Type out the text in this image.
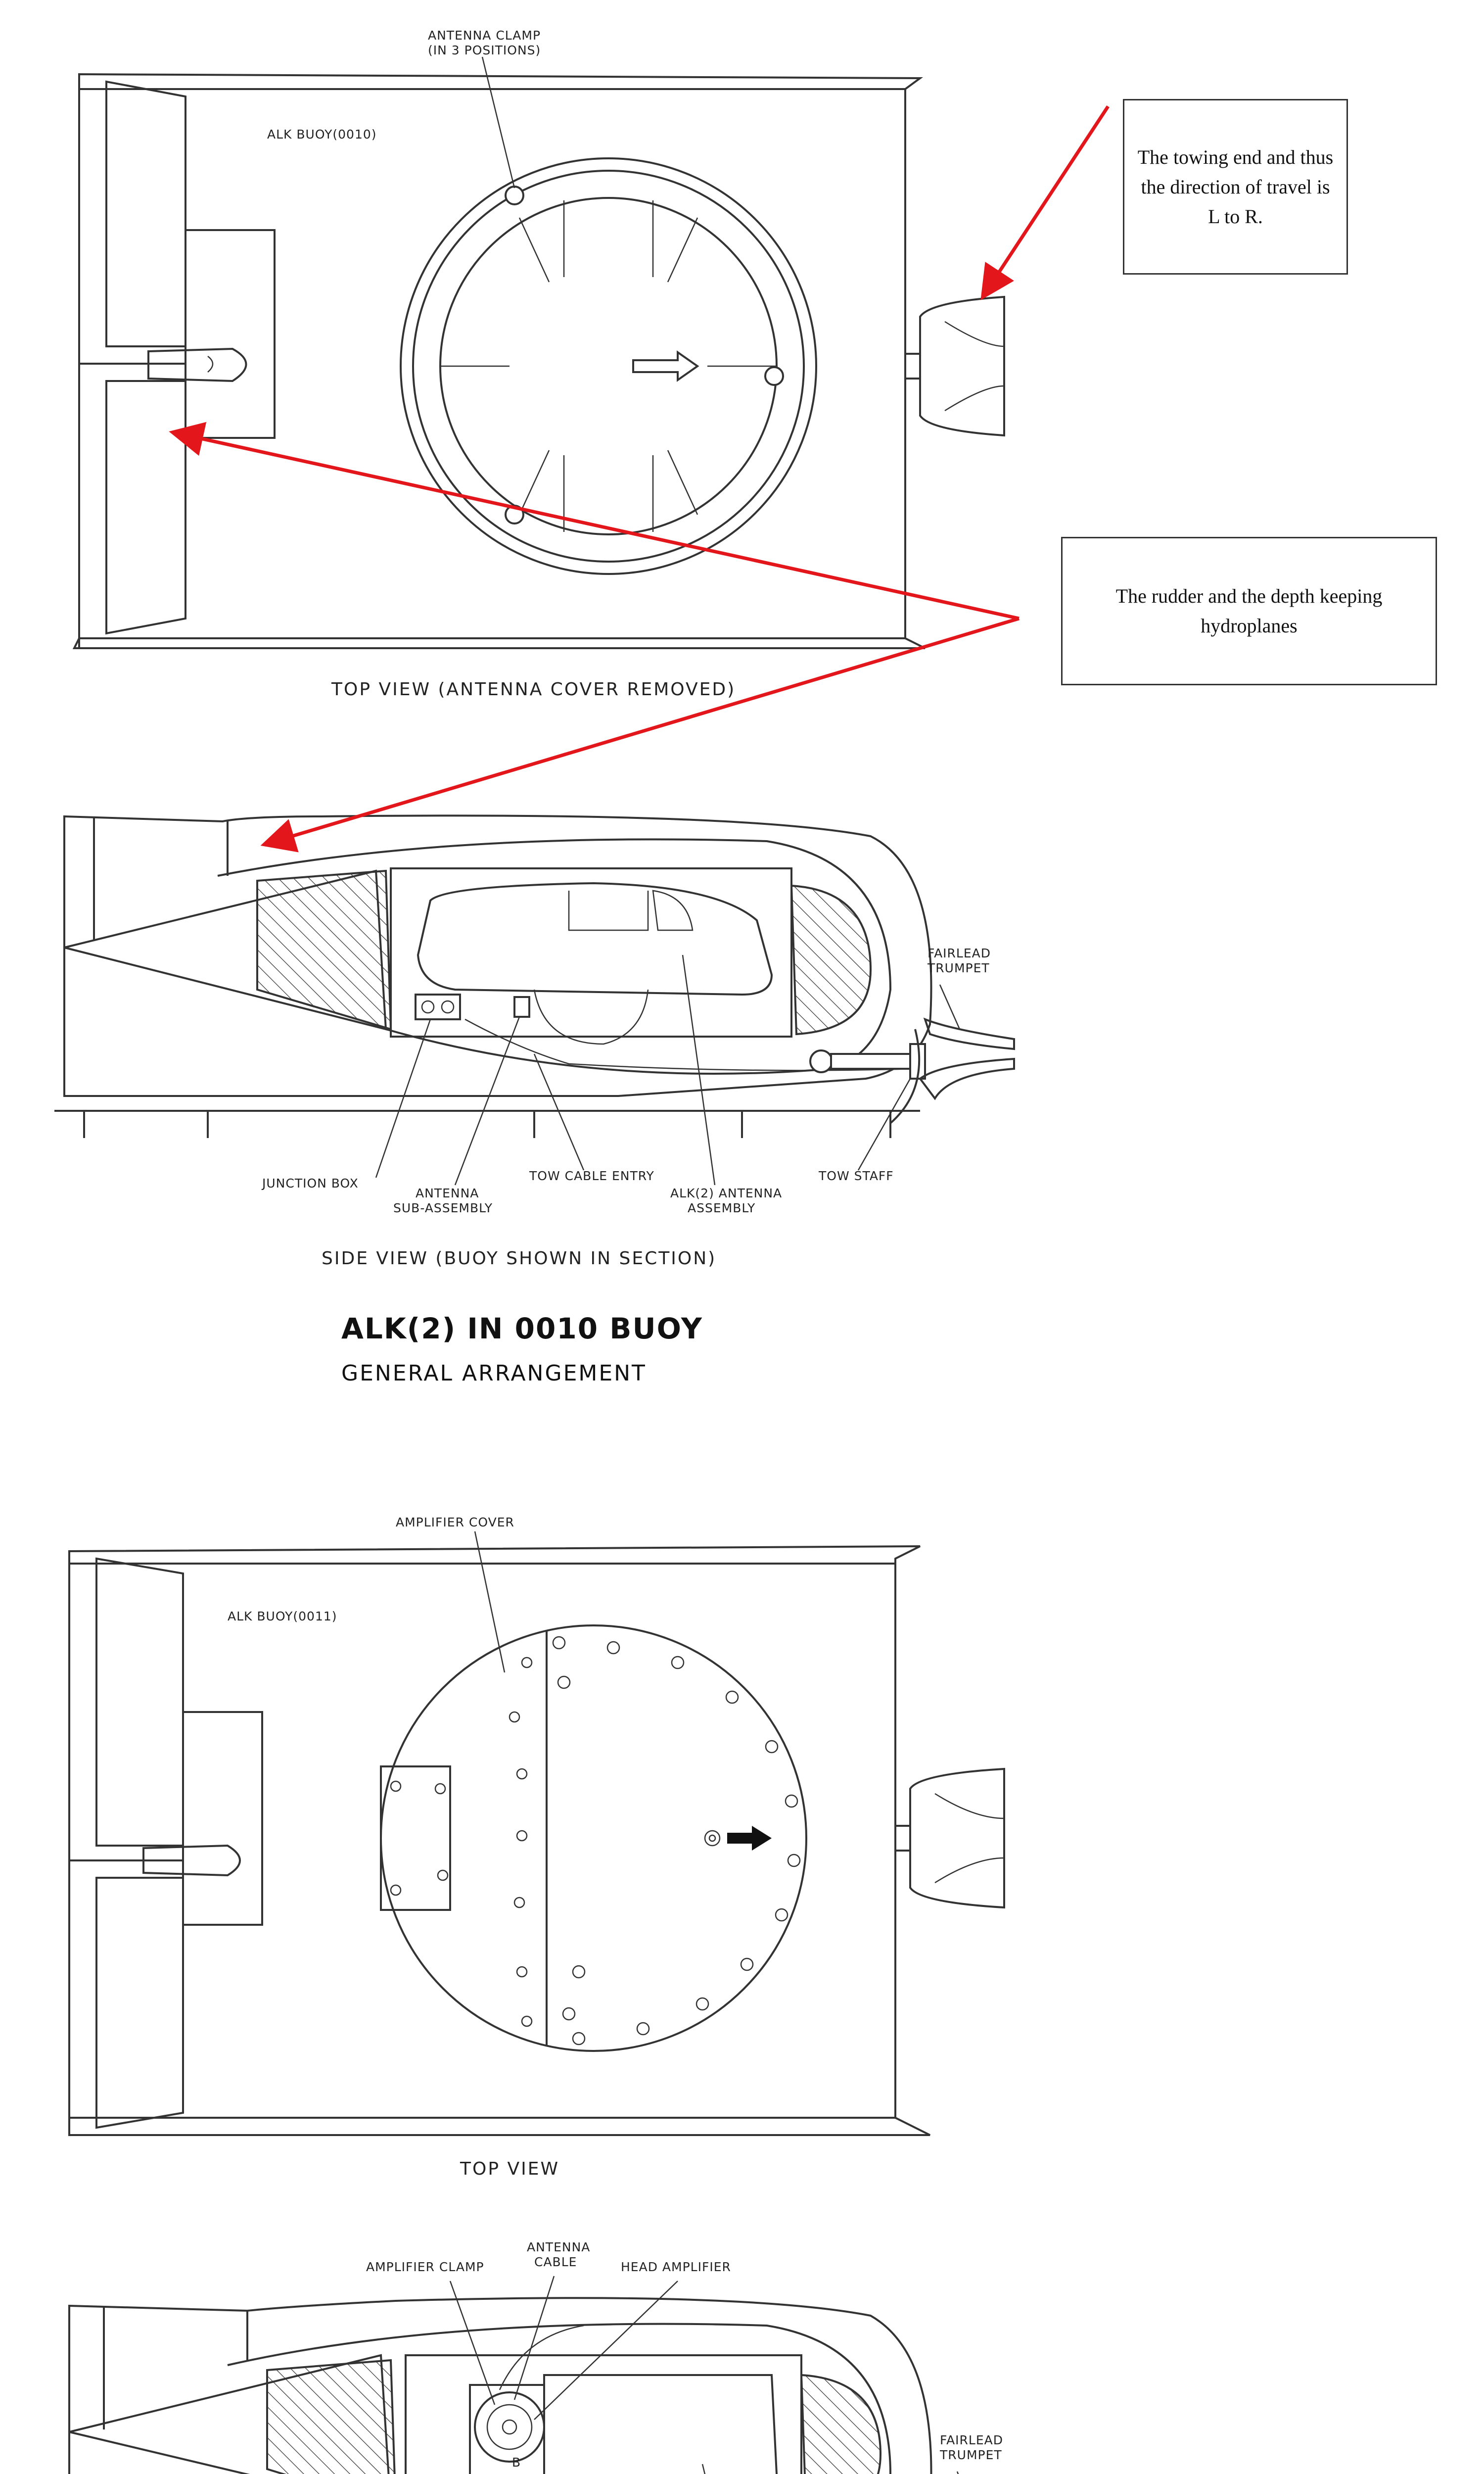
ANTENNA CLAMP
(IN 3 POSITIONS)
ALK BUOY(0010)
TOP VIEW (ANTENNA COVER REMOVED)
FAIRLEAD
TRUMPET
JUNCTION BOX
ANTENNA
SUB-ASSEMBLY
TOW CABLE ENTRY
ALK(2) ANTENNA
ASSEMBLY
TOW STAFF
SIDE VIEW (BUOY SHOWN IN SECTION)
ALK(2) IN 0010 BUOY
GENERAL ARRANGEMENT
AMPLIFIER COVER
ALK BUOY(0011)
TOP VIEW
AMPLIFIER CLAMP
ANTENNA
CABLE	HEAD AMPLIFIER
FAIRLEAD
TRUMPET
B
The towing end and thus the direction of travel is L to R.
The rudder and the depth keeping hydroplanes
